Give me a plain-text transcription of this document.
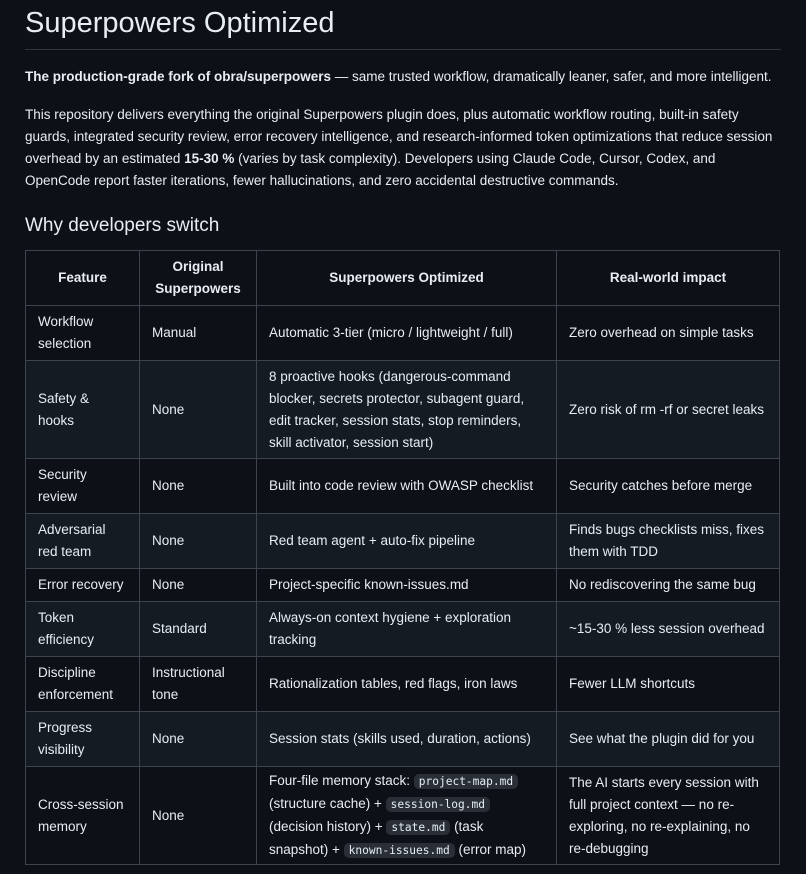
Superpowers Optimized

The production-grade fork of obra/superpowers — same trusted workflow, dramatically leaner, safer, and more intelligent.

This repository delivers everything the original Superpowers plugin does, plus automatic workflow routing, built-in safety guards, integrated security review, error recovery intelligence, and research-informed token optimizations that reduce session overhead by an estimated 15-30 % (varies by task complexity). Developers using Claude Code, Cursor, Codex, and OpenCode report faster iterations, fewer hallucinations, and zero accidental destructive commands.

Why developers switch
Feature	Original Superpowers	Superpowers Optimized	Real-world impact
Workflow selection	Manual	Automatic 3-tier (micro / lightweight / full)	Zero overhead on simple tasks
Safety & hooks	None	8 proactive hooks (dangerous-command blocker, secrets protector, subagent guard, edit tracker, session stats, stop reminders, skill activator, session start)	Zero risk of rm -rf or secret leaks
Security review	None	Built into code review with OWASP checklist	Security catches before merge
Adversarial red team	None	Red team agent + auto-fix pipeline	Finds bugs checklists miss, fixes them with TDD
Error recovery	None	Project-specific known-issues.md	No rediscovering the same bug
Token efficiency	Standard	Always-on context hygiene + exploration tracking	~15-30 % less session overhead
Discipline enforcement	Instructional tone	Rationalization tables, red flags, iron laws	Fewer LLM shortcuts
Progress visibility	None	Session stats (skills used, duration, actions)	See what the plugin did for you
Cross-session memory	None	Four-file memory stack: project-map.md (structure cache) + session-log.md (decision history) + state.md (task snapshot) + known-issues.md (error map)	The AI starts every session with full project context — no re-exploring, no re-explaining, no re-debugging
